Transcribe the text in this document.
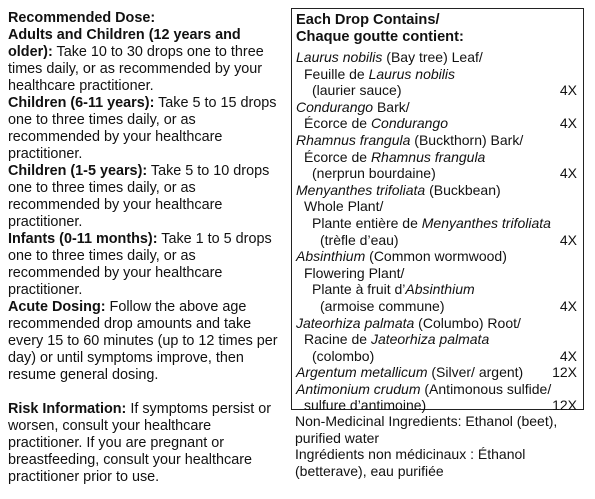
Recommended Dose:

Adults and Children (12 years and older): Take 10 to 30 drops one to three times daily, or as recommended by your healthcare practitioner.

Children (6-11 years): Take 5 to 15 drops one to three times daily, or as recommended by your healthcare practitioner.

Children (1-5 years): Take 5 to 10 drops one to three times daily, or as recommended by your healthcare practitioner.

Infants (0-11 months): Take 1 to 5 drops one to three times daily, or as recommended by your healthcare practitioner.

Acute Dosing: Follow the above age recommended drop amounts and take every 15 to 60 minutes (up to 12 times per day) or until symptoms improve, then resume general dosing.

Risk Information: If symptoms persist or worsen, consult your healthcare practitioner. If you are pregnant or breastfeeding, consult your healthcare practitioner prior to use.

Each Drop Contains/
Chaque goutte contient:
Laurus nobilis (Bay tree) Leaf/
Feuille de Laurus nobilis
(laurier sauce)	4X
Condurango Bark/
Écorce de Condurango	4X
Rhamnus frangula (Buckthorn) Bark/
Écorce de Rhamnus frangula
(nerprun bourdaine)	4X
Menyanthes trifoliata (Buckbean)
Whole Plant/
Plante entière de Menyanthes trifoliata
(trèfle d’eau)	4X
Absinthium (Common wormwood)
Flowering Plant/
Plante à fruit d’Absinthium
(armoise commune)	4X
Jateorhiza palmata (Columbo) Root/
Racine de Jateorhiza palmata
(colombo)	4X
Argentum metallicum (Silver/ argent) 12X
Antimonium crudum (Antimonous sulfide/
sulfure d’antimoine)	12X

Non-Medicinal Ingredients: Ethanol (beet), purified water

Ingrédients non médicinaux : Éthanol (betterave), eau purifiée
